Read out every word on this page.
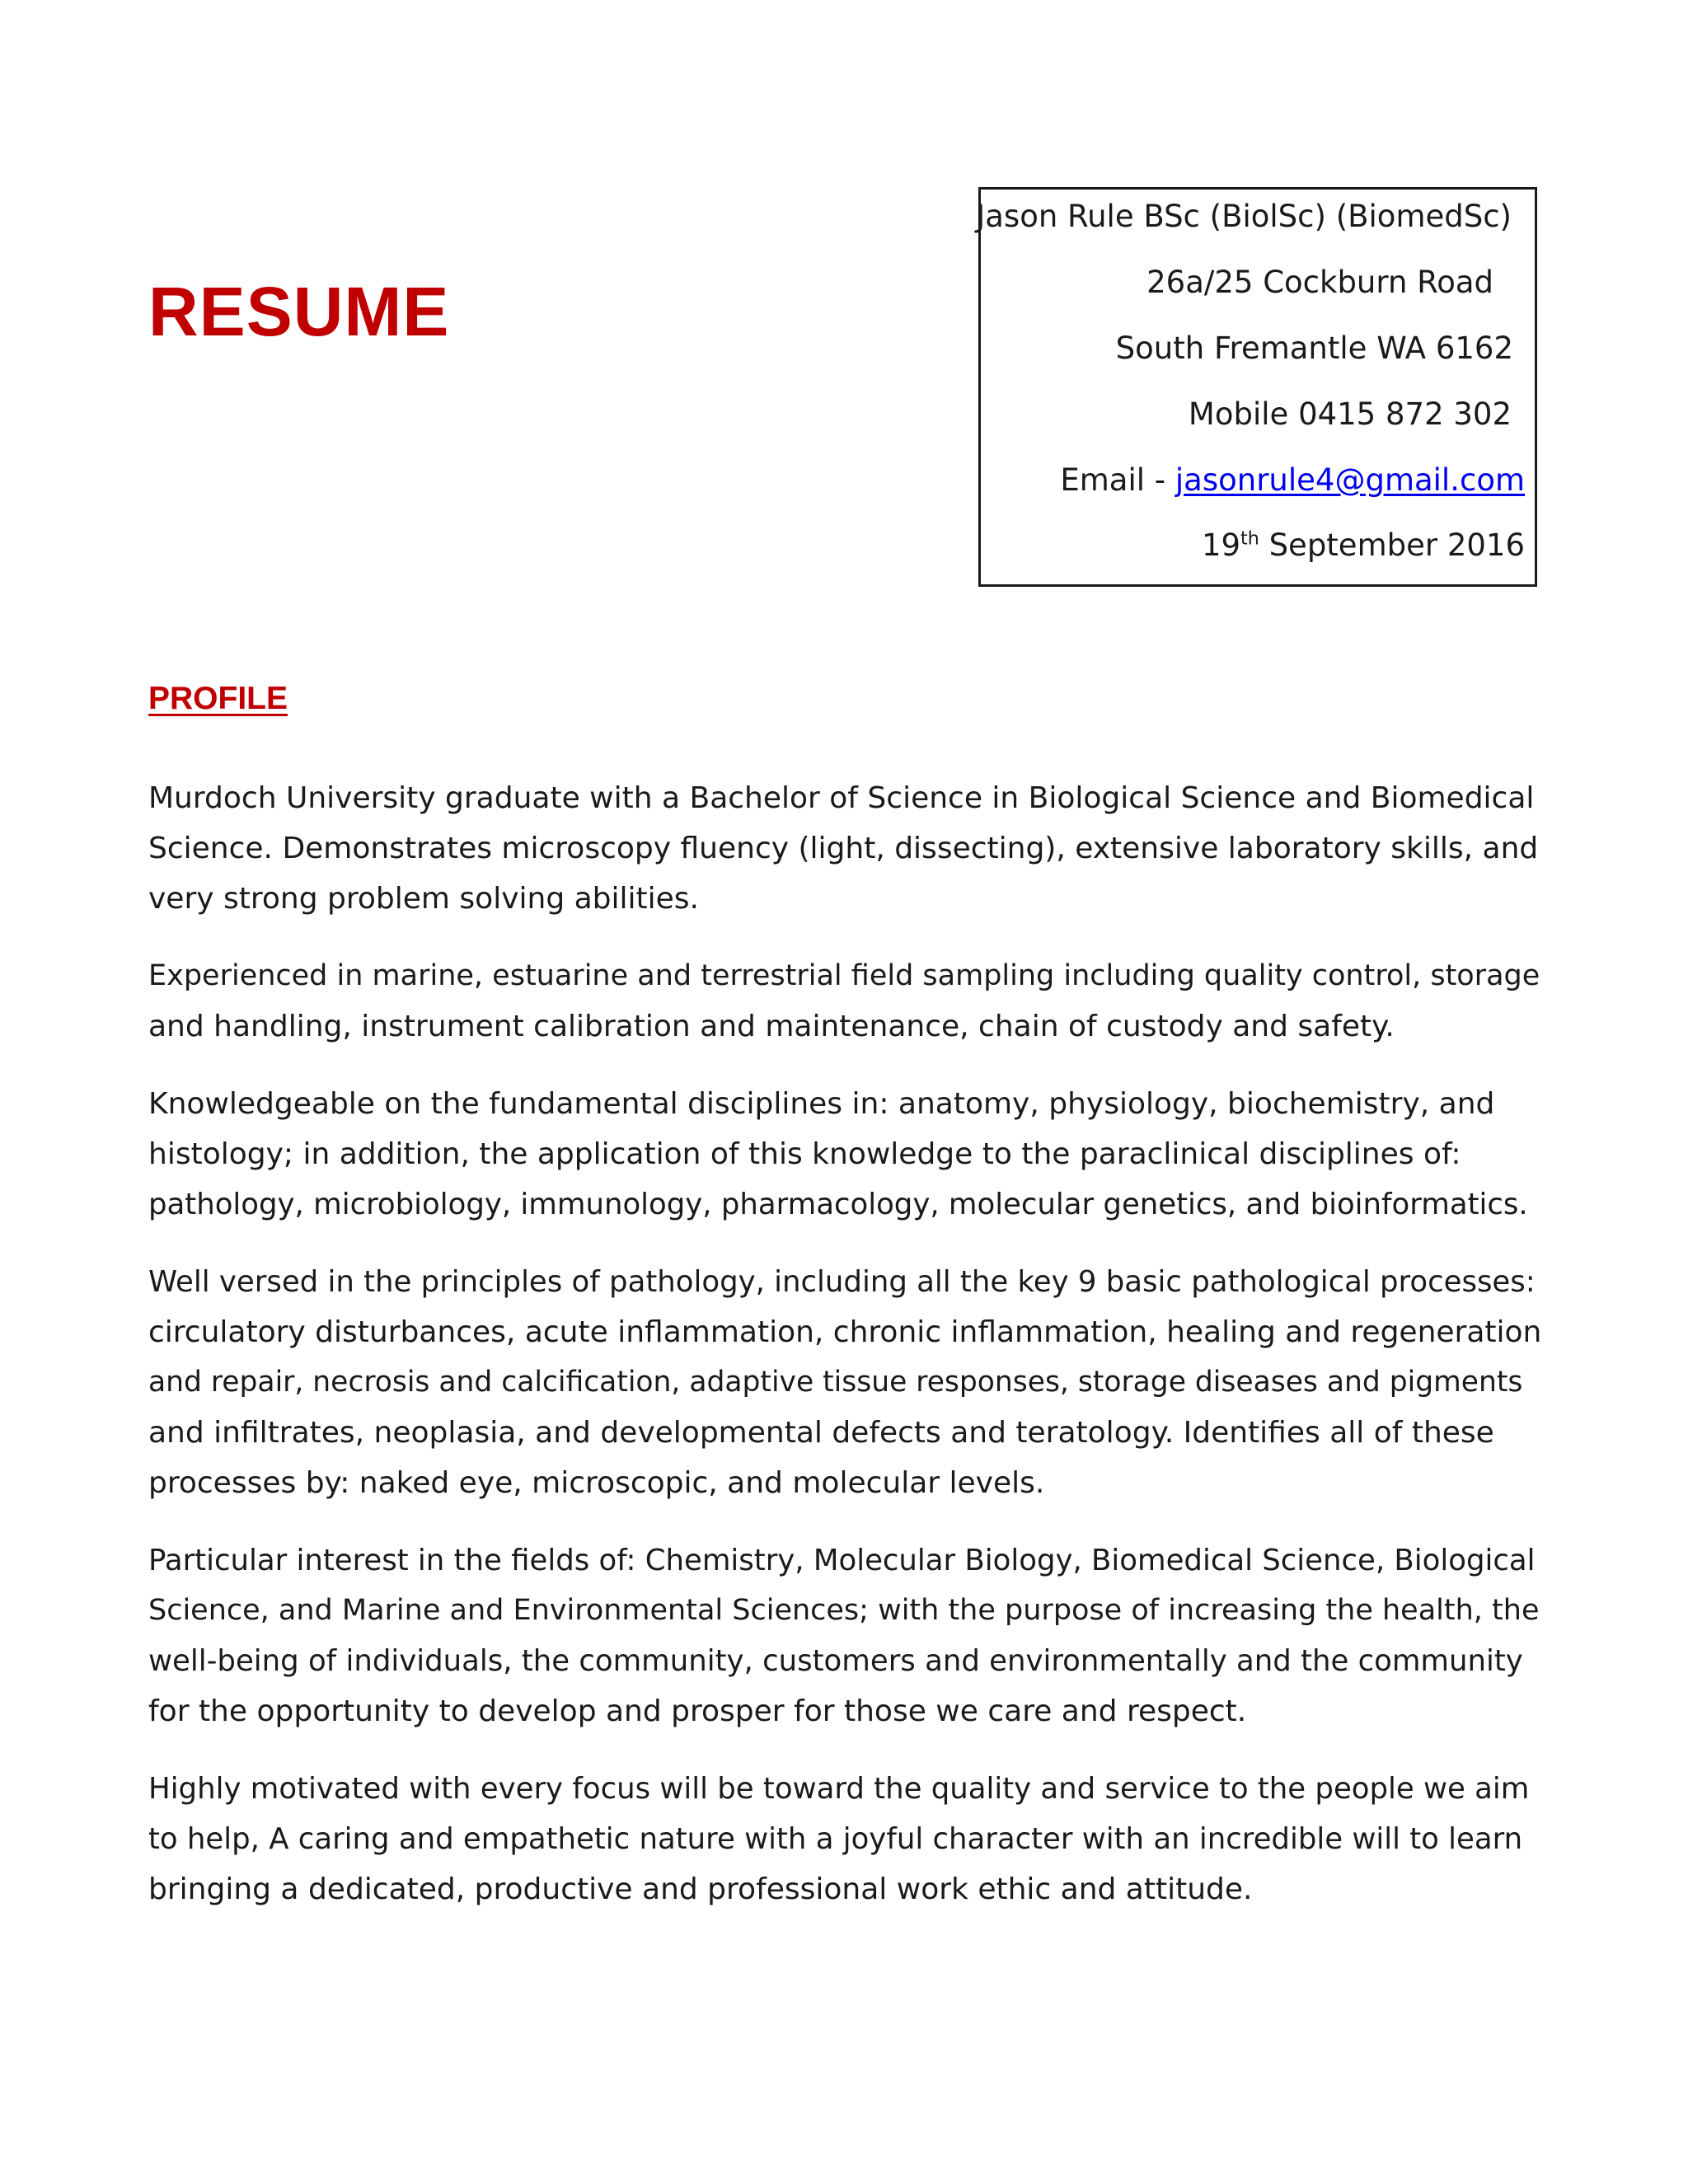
RESUME
Jason Rule BSc (BiolSc) (BiomedSc)
26a/25 Cockburn Road
South Fremantle WA 6162
Mobile 0415 872 302
Email - jasonrule4@gmail.com
19th September 2016
PROFILE

Murdoch University graduate with a Bachelor of Science in Biological Science and Biomedical
Science. Demonstrates microscopy fluency (light, dissecting), extensive laboratory skills, and
very strong problem solving abilities.

Experienced in marine, estuarine and terrestrial field sampling including quality control, storage
and handling, instrument calibration and maintenance, chain of custody and safety.

Knowledgeable on the fundamental disciplines in: anatomy, physiology, biochemistry, and
histology; in addition, the application of this knowledge to the paraclinical disciplines of:
pathology, microbiology, immunology, pharmacology, molecular genetics, and bioinformatics.

Well versed in the principles of pathology, including all the key 9 basic pathological processes:
circulatory disturbances, acute inflammation, chronic inflammation, healing and regeneration
and repair, necrosis and calcification, adaptive tissue responses, storage diseases and pigments
and infiltrates, neoplasia, and developmental defects and teratology. Identifies all of these
processes by: naked eye, microscopic, and molecular levels.

Particular interest in the fields of: Chemistry, Molecular Biology, Biomedical Science, Biological
Science, and Marine and Environmental Sciences; with the purpose of increasing the health, the
well-being of individuals, the community, customers and environmentally and the community
for the opportunity to develop and prosper for those we care and respect.

Highly motivated with every focus will be toward the quality and service to the people we aim
to help, A caring and empathetic nature with a joyful character with an incredible will to learn
bringing a dedicated, productive and professional work ethic and attitude.
